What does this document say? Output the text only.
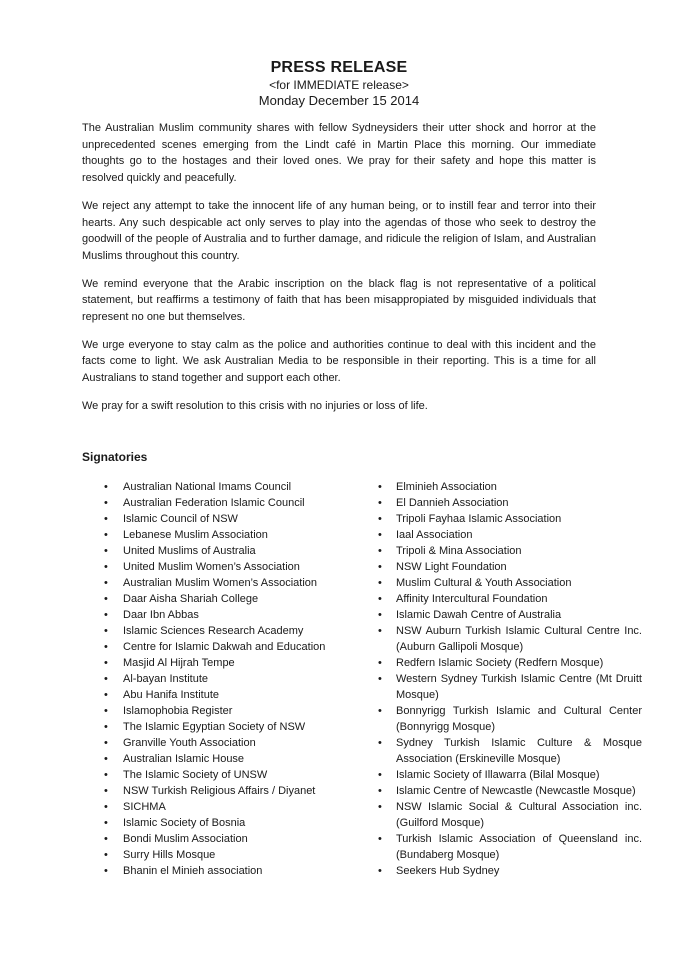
PRESS RELEASE
<for IMMEDIATE release>
Monday December 15 2014

The Australian Muslim community shares with fellow Sydneysiders their utter shock and horror at the unprecedented scenes emerging from the Lindt café in Martin Place this morning. Our immediate thoughts go to the hostages and their loved ones. We pray for their safety and hope this matter is resolved quickly and peacefully.

We reject any attempt to take the innocent life of any human being, or to instill fear and terror into their hearts. Any such despicable act only serves to play into the agendas of those who seek to destroy the goodwill of the people of Australia and to further damage, and ridicule the religion of Islam, and Australian Muslims throughout this country.

We remind everyone that the Arabic inscription on the black flag is not representative of a political statement, but reaffirms a testimony of faith that has been misappropiated by misguided individuals that represent no one but themselves.

We urge everyone to stay calm as the police and authorities continue to deal with this incident and the facts come to light. We ask Australian Media to be responsible in their reporting. This is a time for all Australians to stand together and support each other.

We pray for a swift resolution to this crisis with no injuries or loss of life.

Signatories
• Australian National Imams Council
• Australian Federation Islamic Council
• Islamic Council of NSW
• Lebanese Muslim Association
• United Muslims of Australia
• United Muslim Women’s Association
• Australian Muslim Women’s Association
• Daar Aisha Shariah College
• Daar Ibn Abbas
• Islamic Sciences Research Academy
• Centre for Islamic Dakwah and Education
• Masjid Al Hijrah Tempe
• Al-bayan Institute
• Abu Hanifa Institute
• Islamophobia Register
• The Islamic Egyptian Society of NSW
• Granville Youth Association
• Australian Islamic House
• The Islamic Society of UNSW
• NSW Turkish Religious Affairs / Diyanet
• SICHMA
• Islamic Society of Bosnia
• Bondi Muslim Association
• Surry Hills Mosque
• Bhanin el Minieh association
• Elminieh Association
• El Dannieh Association
• Tripoli Fayhaa Islamic Association
• Iaal Association
• Tripoli & Mina Association
• NSW Light Foundation
• Muslim Cultural & Youth Association
• Affinity Intercultural Foundation
• Islamic Dawah Centre of Australia
• NSW Auburn Turkish Islamic Cultural Centre Inc. (Auburn Gallipoli Mosque)
• Redfern Islamic Society (Redfern Mosque)
• Western Sydney Turkish Islamic Centre (Mt Druitt Mosque)
• Bonnyrigg Turkish Islamic and Cultural Center (Bonnyrigg Mosque)
• Sydney Turkish Islamic Culture & Mosque Association (Erskineville Mosque)
• Islamic Society of Illawarra (Bilal Mosque)
• Islamic Centre of Newcastle (Newcastle Mosque)
• NSW Islamic Social & Cultural Association inc. (Guilford Mosque)
• Turkish Islamic Association of Queensland inc. (Bundaberg Mosque)
• Seekers Hub Sydney
